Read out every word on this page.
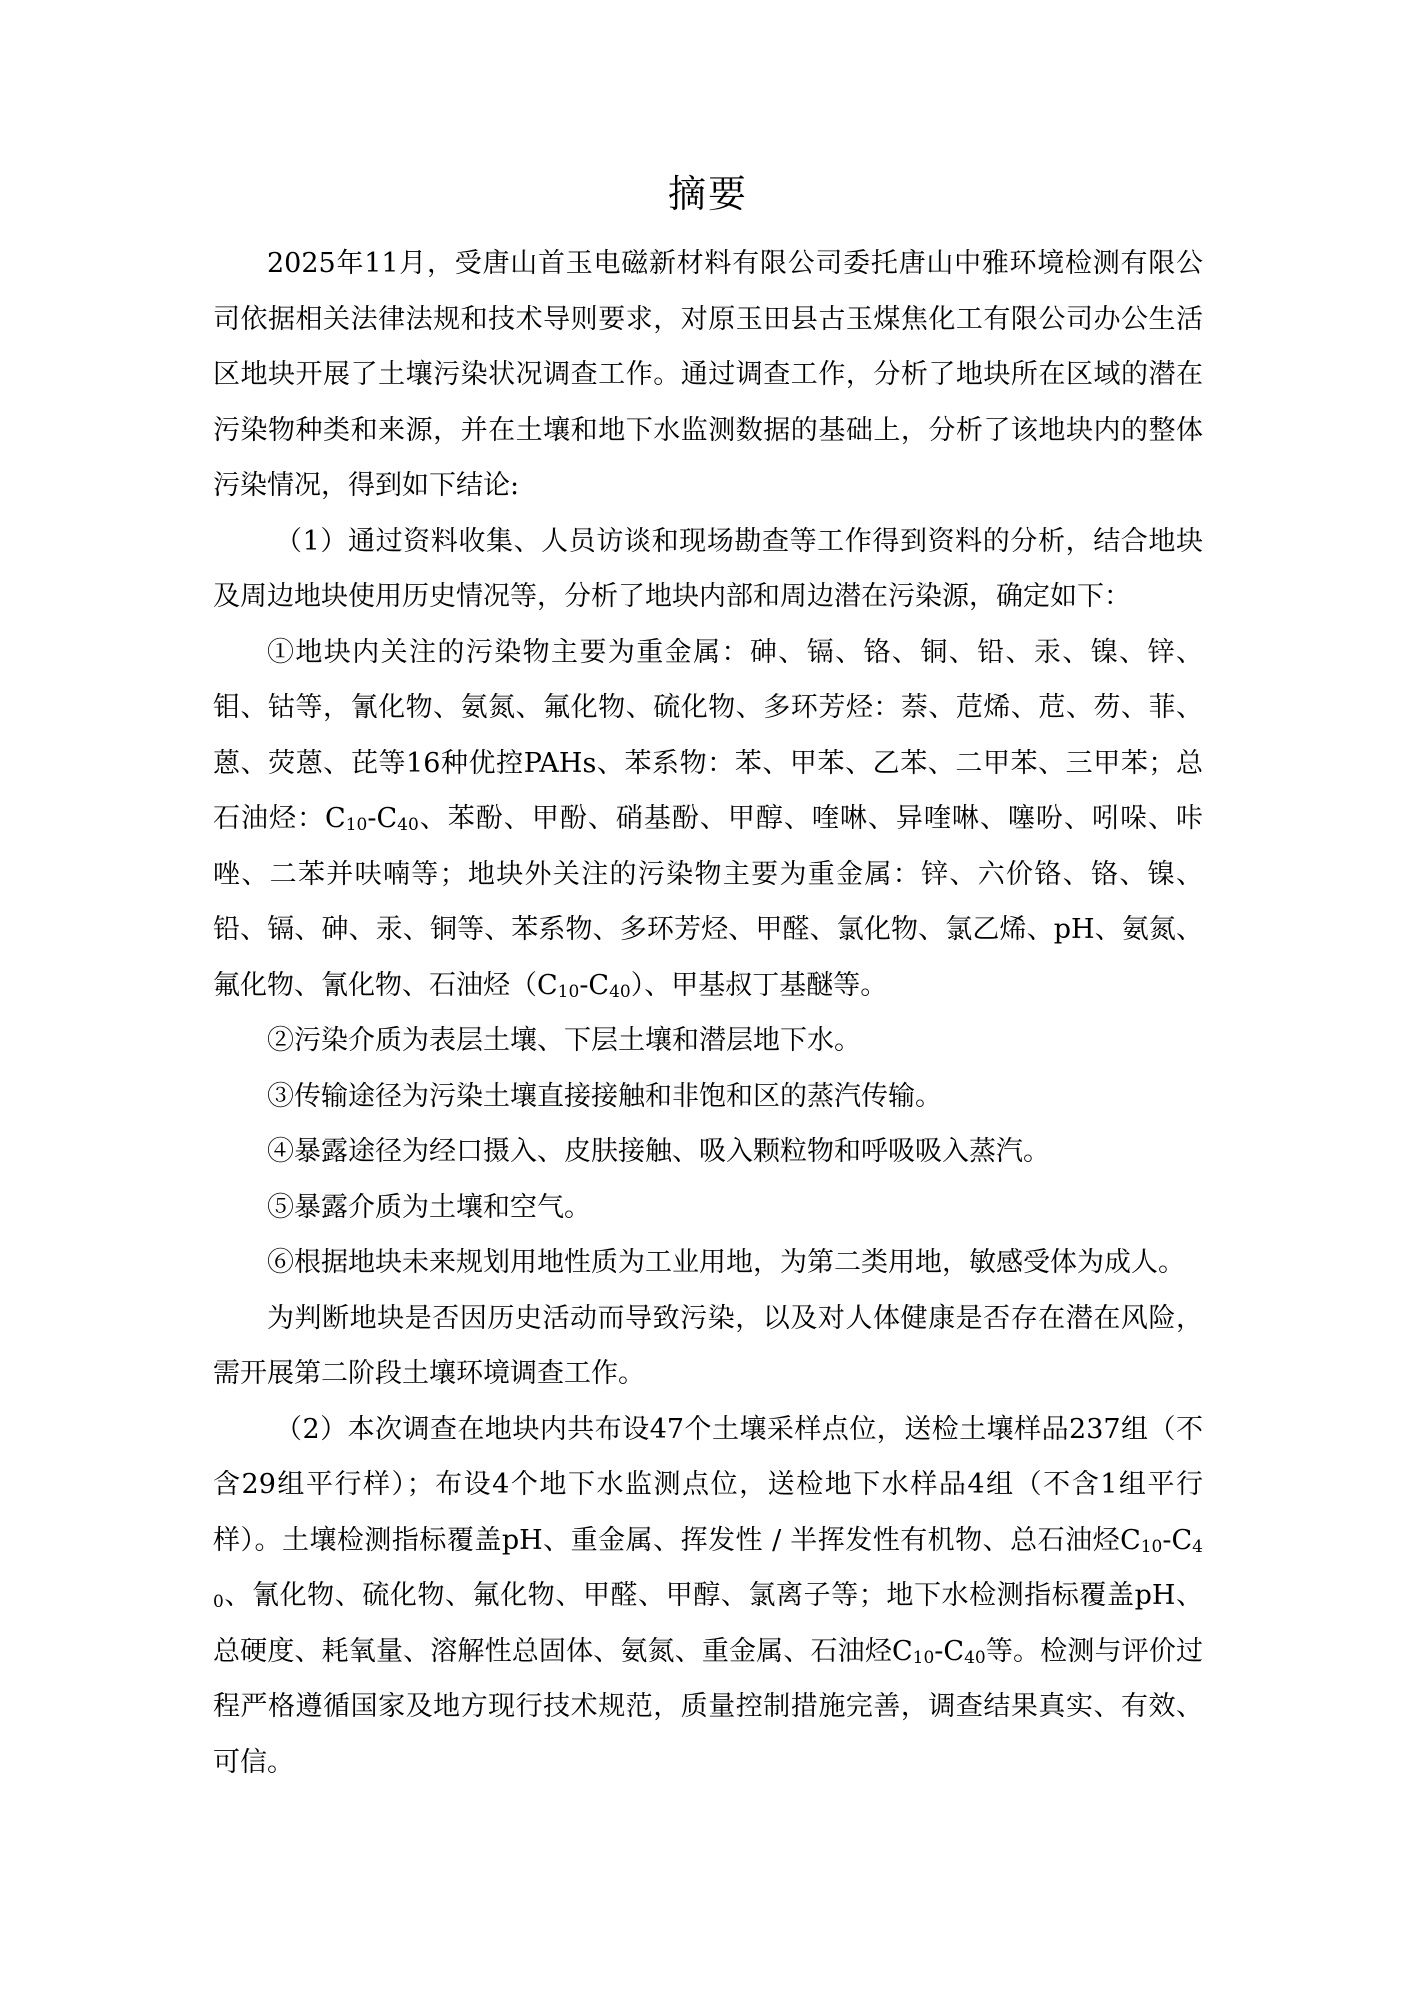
摘要

2025年11月，受唐山首玉电磁新材料有限公司委托唐山中雅环境检测有限公司依据相关法律法规和技术导则要求，对原玉田县古玉煤焦化工有限公司办公生活区地块开展了土壤污染状况调查工作。通过调查工作，分析了地块所在区域的潜在污染物种类和来源，并在土壤和地下水监测数据的基础上，分析了该地块内的整体污染情况，得到如下结论:

（1）通过资料收集、人员访谈和现场勘查等工作得到资料的分析，结合地块及周边地块使用历史情况等，分析了地块内部和周边潜在污染源，确定如下：

①地块内关注的污染物主要为重金属：砷、镉、铬、铜、铅、汞、镍、锌、钼、钴等，氰化物、氨氮、氟化物、硫化物、多环芳烃：萘、苊烯、苊、芴、菲、蒽、荧蒽、芘等16种优控PAHs、苯系物：苯、甲苯、乙苯、二甲苯、三甲苯；总石油烃：$C_{10}-C_{40}$、苯酚、甲酚、硝基酚、甲醇、喹啉、异喹啉、噻吩、吲哚、咔唑、二苯并呋喃等；地块外关注的污染物主要为重金属：锌、六价铬、铬、镍、铅、镉、砷、汞、铜等、苯系物、多环芳烃、甲醛、氯化物、氯乙烯、pH、氨氮、氟化物、氰化物、石油烃$(C_{10}-C_{40})$、甲基叔丁基醚等。

②污染介质为表层土壤、下层土壤和潜层地下水。

③传输途径为污染土壤直接接触和非饱和区的蒸汽传输。

④暴露途径为经口摄入、皮肤接触、吸入颗粒物和呼吸吸入蒸汽。

⑤暴露介质为土壤和空气。

⑥根据地块未来规划用地性质为工业用地，为第二类用地，敏感受体为成人。

为判断地块是否因历史活动而导致污染，以及对人体健康是否存在潜在风险，需开展第二阶段土壤环境调查工作。

（2）本次调查在地块内共布设47个土壤采样点位，送检土壤样品237组（不含29组平行样）；布设4个地下水监测点位，送检地下水样品4组（不含1组平行样）。土壤检测指标覆盖pH、重金属、挥发性 / 半挥发性有机物、总石油烃$C_{10}-C_{40}$、氰化物、硫化物、氟化物、甲醛、甲醇、氯离子等；地下水检测指标覆盖pH、总硬度、耗氧量、溶解性总固体、氨氮、重金属、石油烃$C_{10}-C_{40}$等。检测与评价过程严格遵循国家及地方现行技术规范，质量控制措施完善，调查结果真实、有效、可信。
